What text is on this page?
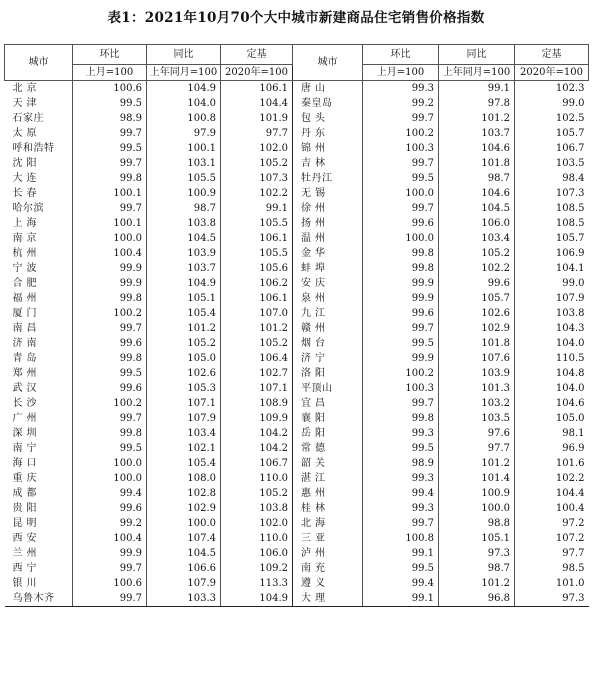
表1：2021年10月70个大中城市新建商品住宅销售价格指数
城市	环比	同比	定基	城市	环比	同比	定基
	上月=100	上年同月=100	2020年=100		上月=100	上年同月=100	2020年=100
北京	100.6	104.9	106.1	唐山	99.3	99.1	102.3
天津	99.5	104.0	104.4	秦皇岛	99.2	97.8	99.0
石家庄	98.9	100.8	101.9	包头	99.7	101.2	102.5
太原	99.7	97.9	97.7	丹东	100.2	103.7	105.7
呼和浩特	99.5	100.1	102.0	锦州	100.3	104.6	106.7
沈阳	99.7	103.1	105.2	吉林	99.7	101.8	103.5
大连	99.8	105.5	107.3	牡丹江	99.5	98.7	98.4
长春	100.1	100.9	102.2	无锡	100.0	104.6	107.3
哈尔滨	99.7	98.7	99.1	徐州	99.7	104.5	108.5
上海	100.1	103.8	105.5	扬州	99.6	106.0	108.5
南京	100.0	104.5	106.1	温州	100.0	103.4	105.7
杭州	100.4	103.9	105.5	金华	99.8	105.2	106.9
宁波	99.9	103.7	105.6	蚌埠	99.8	102.2	104.1
合肥	99.9	104.9	106.2	安庆	99.9	99.6	99.0
福州	99.8	105.1	106.1	泉州	99.9	105.7	107.9
厦门	100.2	105.4	107.0	九江	99.6	102.6	103.8
南昌	99.7	101.2	101.2	赣州	99.7	102.9	104.3
济南	99.6	105.2	105.2	烟台	99.5	101.8	104.0
青岛	99.8	105.0	106.4	济宁	99.9	107.6	110.5
郑州	99.5	102.6	102.7	洛阳	100.2	103.9	104.8
武汉	99.6	105.3	107.1	平顶山	100.3	101.3	104.0
长沙	100.2	107.1	108.9	宜昌	99.7	103.2	104.6
广州	99.7	107.9	109.9	襄阳	99.8	103.5	105.0
深圳	99.8	103.4	104.2	岳阳	99.3	97.6	98.1
南宁	99.5	102.1	104.2	常德	99.5	97.7	96.9
海口	100.0	105.4	106.7	韶关	98.9	101.2	101.6
重庆	100.0	108.0	110.0	湛江	99.3	101.4	102.2
成都	99.4	102.8	105.2	惠州	99.4	100.9	104.4
贵阳	99.6	102.9	103.8	桂林	99.3	100.0	100.4
昆明	99.2	100.0	102.0	北海	99.7	98.8	97.2
西安	100.4	107.4	110.0	三亚	100.8	105.1	107.2
兰州	99.9	104.5	106.0	泸州	99.1	97.3	97.7
西宁	99.7	106.6	109.2	南充	99.5	98.7	98.5
银川	100.6	107.9	113.3	遵义	99.4	101.2	101.0
乌鲁木齐	99.7	103.3	104.9	大理	99.1	96.8	97.3
